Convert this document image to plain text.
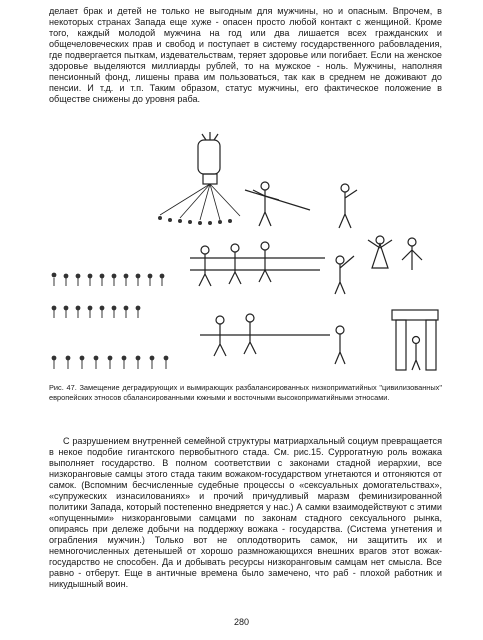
делает брак и детей не только не выгодным для мужчины, но и опасным. Впрочем, в некоторых странах Запада еще хуже - опасен просто любой контакт с женщиной. Кроме того, каждый молодой мужчина на год или два лишается всех гражданских и общечеловеческих прав и свобод и поступает в систему государственного рабовладения, где подвергается пыткам, издевательствам, теряет здоровье или погибает. Если на женское здоровье выделяются миллиарды рублей, то на мужское - ноль. Мужчины, наполняя пенсионный фонд, лишены права им пользоваться, так как в среднем не доживают до пенсии. И т.д. и т.п. Таким образом, статус мужчины, его фактическое положение в обществе снижены до уровня раба.
Рис. 47. Замещение деградирующих и вымирающих разбалансированных низкоприматийных "цивилизованных" европейских этносов сбалансированными южными и восточными высокоприматийными этносами.
С разрушением внутренней семейной структуры матриархальный социум превращается в некое подобие гигантского первобытного стада. См. рис.15. Суррогатную роль вожака выполняет государство. В полном соответствии с законами стадной иерархии, все низкоранговые самцы этого стада таким вожаком-государством угнетаются и отгоняются от самок. (Вспомним бесчисленные судебные процессы о «сексуальных домогательствах», «супружеских изнасилованиях» и прочий причудливый маразм феминизированной политики Запада, который постепенно внедряется у нас.) А самки взаимодействуют с этими «опущенными» низкоранговыми самцами по законам стадного сексуального рынка, опираясь при дележе добычи на поддержку вожака - государства. (Система угнетения и ограбления мужчин.) Только вот не оплодотворить самок, ни защитить их и немногочисленных детенышей от хорошо размножающихся внешних врагов этот вожак-государство не способен. Да и добывать ресурсы низкоранговым самцам нет смысла. Все равно - отберут. Еще в античные времена было замечено, что раб - плохой работник и никудышный воин.
280
